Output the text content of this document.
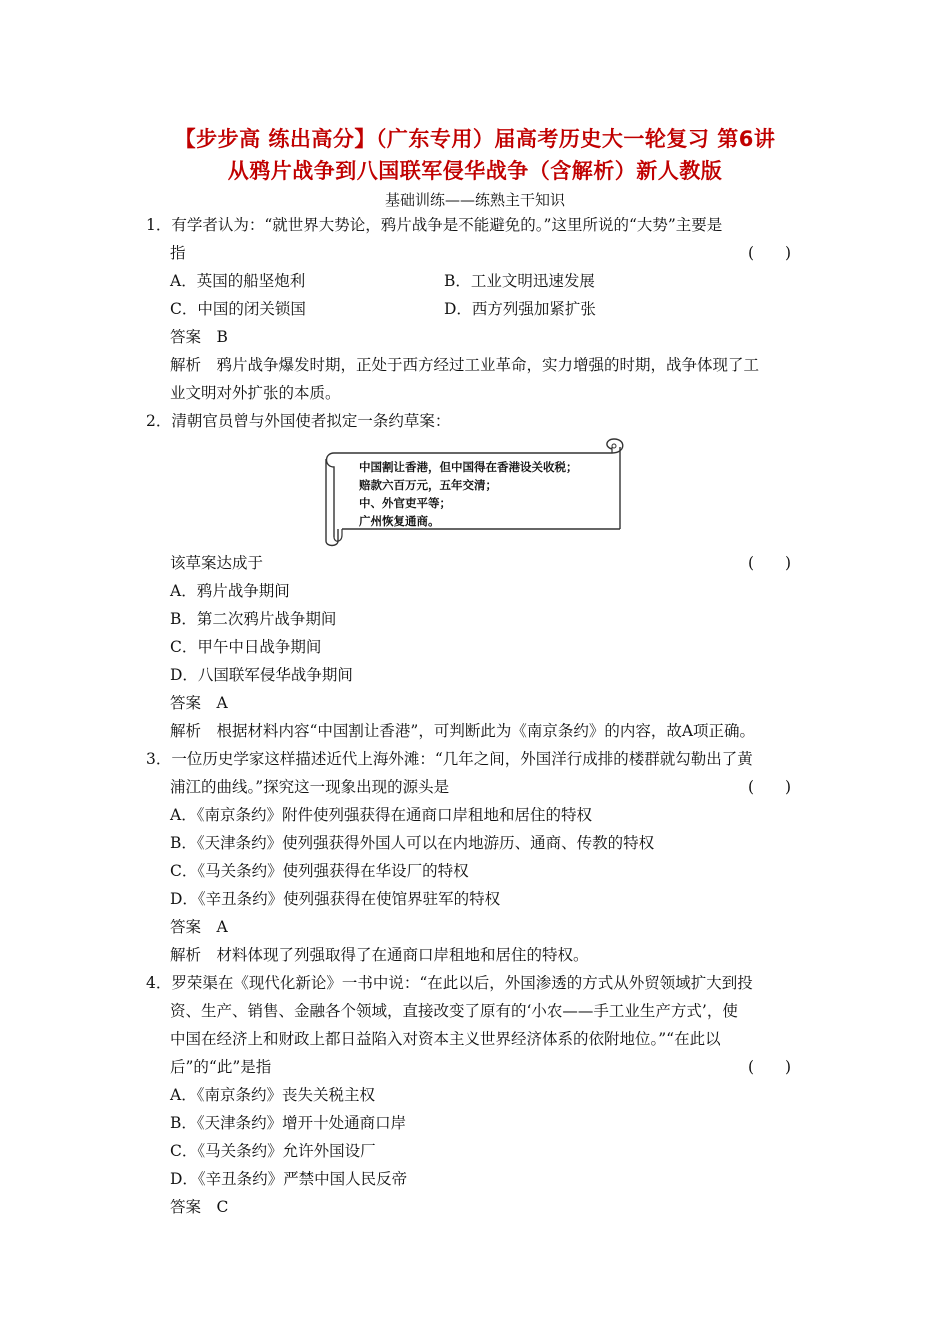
【步步高 练出高分】（广东专用）届高考历史大一轮复习 第6讲
从鸦片战争到八国联军侵华战争（含解析）新人教版
基础训练——练熟主干知识
1．有学者认为：“就世界大势论，鸦片战争是不能避免的。”这里所说的“大势”主要是
指	(　　)
A．英国的船坚炮利	B．工业文明迅速发展
C．中国的闭关锁国	D．西方列强加紧扩张
答案　B
解析　鸦片战争爆发时期，正处于西方经过工业革命，实力增强的时期，战争体现了工
业文明对外扩张的本质。
2．清朝官员曾与外国使者拟定一条约草案：
中国割让香港，但中国得在香港设关收税；
赔款六百万元，五年交清；
中、外官吏平等；
广州恢复通商。
该草案达成于	(　　)
A．鸦片战争期间
B．第二次鸦片战争期间
C．甲午中日战争期间
D．八国联军侵华战争期间
答案　A
解析　根据材料内容“中国割让香港”，可判断此为《南京条约》的内容，故A项正确。
3．一位历史学家这样描述近代上海外滩：“几年之间，外国洋行成排的楼群就勾勒出了黄
浦江的曲线。”探究这一现象出现的源头是	(　　)
A．《南京条约》附件使列强获得在通商口岸租地和居住的特权
B．《天津条约》使列强获得外国人可以在内地游历、通商、传教的特权
C．《马关条约》使列强获得在华设厂的特权
D．《辛丑条约》使列强获得在使馆界驻军的特权
答案　A
解析　材料体现了列强取得了在通商口岸租地和居住的特权。
4．罗荣渠在《现代化新论》一书中说：“在此以后，外国渗透的方式从外贸领域扩大到投
资、生产、销售、金融各个领域，直接改变了原有的‘小农——手工业生产方式’，使
中国在经济上和财政上都日益陷入对资本主义世界经济体系的依附地位。”“在此以
后”的“此”是指	(　　)
A．《南京条约》丧失关税主权
B．《天津条约》增开十处通商口岸
C．《马关条约》允许外国设厂
D．《辛丑条约》严禁中国人民反帝
答案　C
